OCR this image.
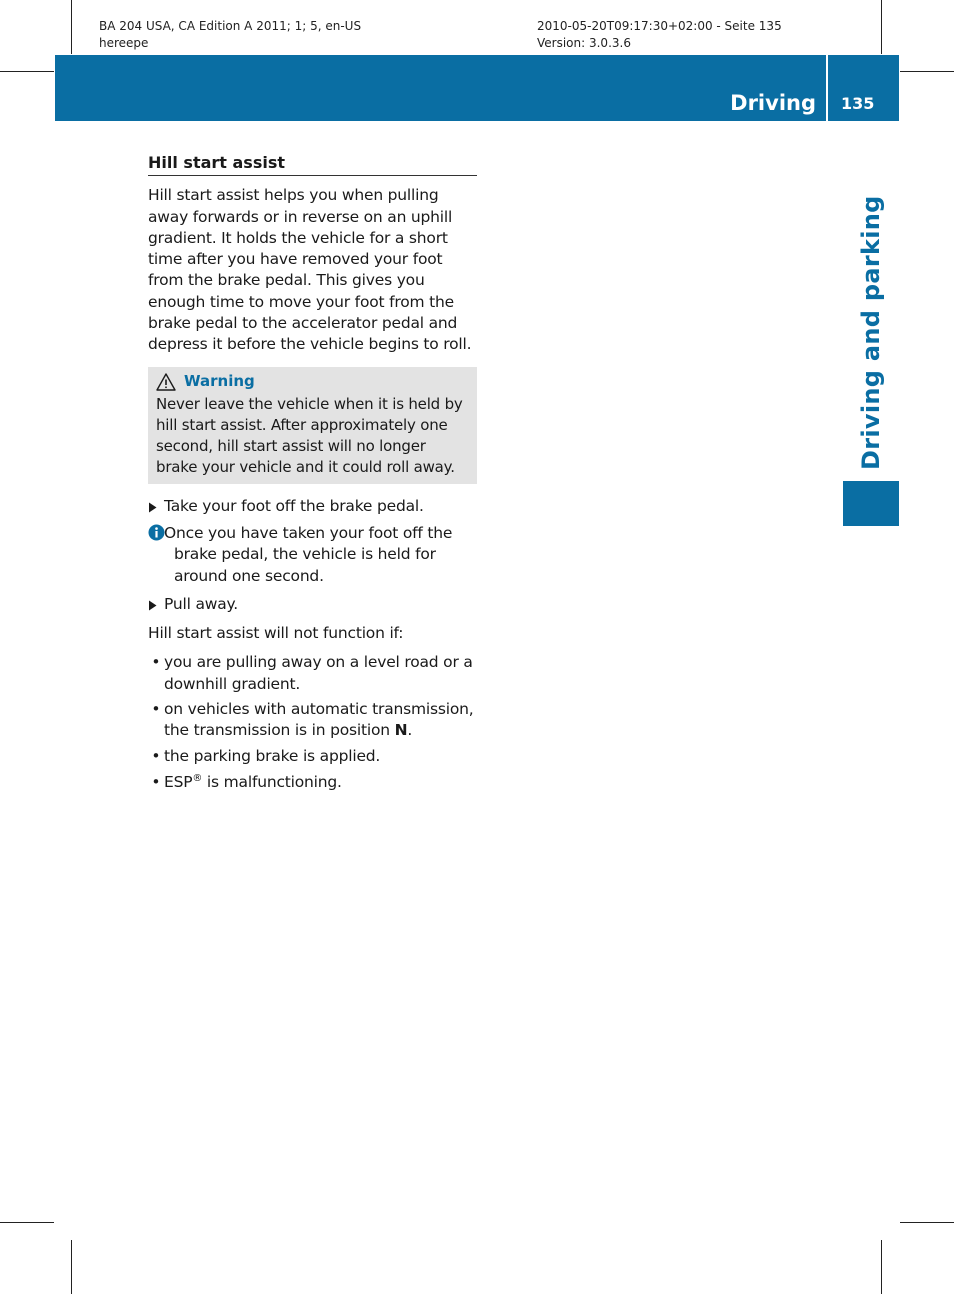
BA 204 USA, CA Edition A 2011; 1; 5, en-US
hereepe
2010-05-20T09:17:30+02:00 - Seite 135
Version: 3.0.3.6
Driving 135
Driving and parking
Hill start assist

Hill start assist helps you when pulling away forwards or in reverse on an uphill gradient. It holds the vehicle for a short time after you have removed your foot from the brake pedal. This gives you enough time to move your foot from the brake pedal to the accelerator pedal and depress it before the vehicle begins to roll.

Warning
Never leave the vehicle when it is held by hill start assist. After approximately one second, hill start assist will no longer brake your vehicle and it could roll away.
Take your foot off the brake pedal.
Once you have taken your foot off the brake pedal, the vehicle is held for around one second.
Pull away.

Hill start assist will not function if:

• you are pulling away on a level road or a downhill gradient.
• on vehicles with automatic transmission, the transmission is in position N.
• the parking brake is applied.
• ESP® is malfunctioning.
